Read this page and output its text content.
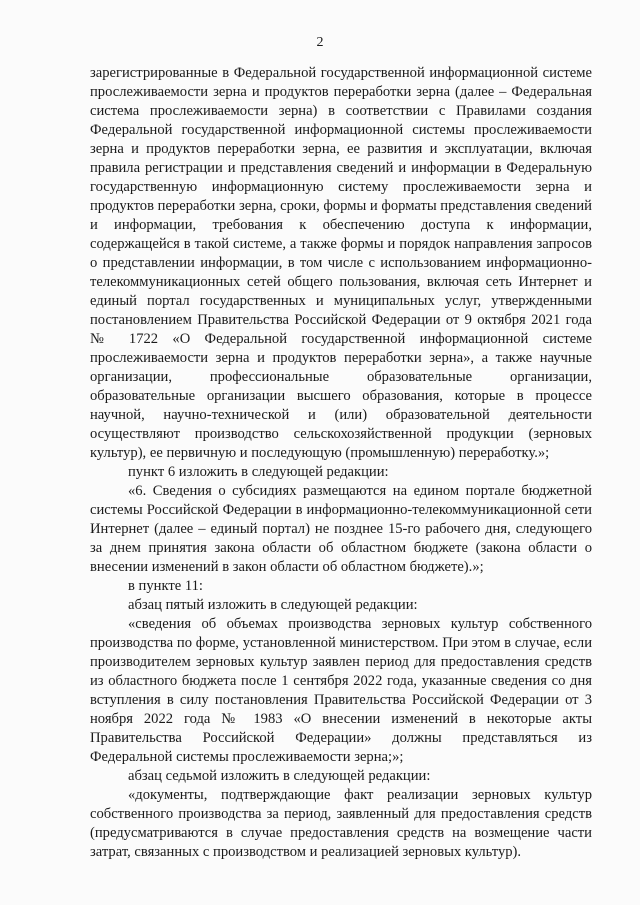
2

зарегистрированные в Федеральной государственной информационной системе прослеживаемости зерна и продуктов переработки зерна (далее – Федеральная система прослеживаемости зерна) в соответствии с Правилами создания Федеральной государственной информационной системы прослеживаемости зерна и продуктов переработки зерна, ее развития и эксплуатации, включая правила регистрации и представления сведений и информации в Федеральную государственную информационную систему прослеживаемости зерна и продуктов переработки зерна, сроки, формы и форматы представления сведений и информации, требования к обеспечению доступа к информации, содержащейся в такой системе, а также формы и порядок направления запросов о представлении информации, в том числе с использованием информационно-телекоммуникационных сетей общего пользования, включая сеть Интернет и единый портал государственных и муниципальных услуг, утвержденными постановлением Правительства Российской Федерации от 9 октября 2021 года № 1722 «О Федеральной государственной информационной системе прослеживаемости зерна и продуктов переработки зерна», а также научные организации, профессиональные образовательные организации, образовательные организации высшего образования, которые в процессе научной, научно-технической и (или) образовательной деятельности осуществляют производство сельскохозяйственной продукции (зерновых культур), ее первичную и последующую (промышленную) переработку.»;

пункт 6 изложить в следующей редакции:

«6. Сведения о субсидиях размещаются на едином портале бюджетной системы Российской Федерации в информационно-телекоммуникационной сети Интернет (далее – единый портал) не позднее 15-го рабочего дня, следующего за днем принятия закона области об областном бюджете (закона области о внесении изменений в закон области об областном бюджете).»;

в пункте 11:

абзац пятый изложить в следующей редакции:

«сведения об объемах производства зерновых культур собственного производства по форме, установленной министерством. При этом в случае, если производителем зерновых культур заявлен период для предоставления средств из областного бюджета после 1 сентября 2022 года, указанные сведения со дня вступления в силу постановления Правительства Российской Федерации от 3 ноября 2022 года № 1983 «О внесении изменений в некоторые акты Правительства Российской Федерации» должны представляться из Федеральной системы прослеживаемости зерна;»;

абзац седьмой изложить в следующей редакции:

«документы, подтверждающие факт реализации зерновых культур собственного производства за период, заявленный для предоставления средств (предусматриваются в случае предоставления средств на возмещение части затрат, связанных с производством и реализацией зерновых культур).
